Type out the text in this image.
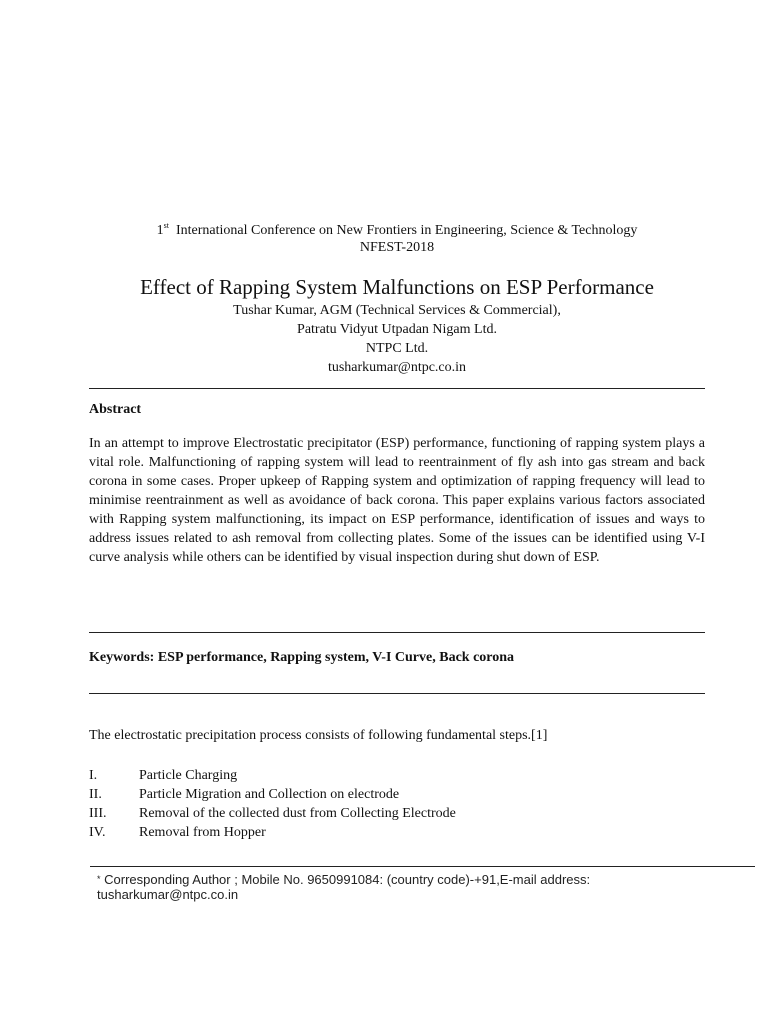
1st International Conference on New Frontiers in Engineering, Science & Technology
NFEST-2018
Effect of Rapping System Malfunctions on ESP Performance
Tushar Kumar, AGM (Technical Services & Commercial),
Patratu Vidyut Utpadan Nigam Ltd.
NTPC Ltd.
tusharkumar@ntpc.co.in
Abstract

In an attempt to improve Electrostatic precipitator (ESP) performance, functioning of rapping system plays a vital role. Malfunctioning of rapping system will lead to reentrainment of fly ash into gas stream and back corona in some cases. Proper upkeep of Rapping system and optimization of rapping frequency will lead to minimise reentrainment as well as avoidance of back corona. This paper explains various factors associated with Rapping system malfunctioning, its impact on ESP performance, identification of issues and ways to address issues related to ash removal from collecting plates. Some of the issues can be identified using V-I curve analysis while others can be identified by visual inspection during shut down of ESP.

Keywords: ESP performance, Rapping system, V-I Curve, Back corona
The electrostatic precipitation process consists of following fundamental steps.[1]
I.	Particle Charging
II.	Particle Migration and Collection on electrode
III.	Removal of the collected dust from Collecting Electrode
IV.	Removal from Hopper
* Corresponding Author ; Mobile No. 9650991084: (country code)-+91,E-mail address:
tusharkumar@ntpc.co.in
